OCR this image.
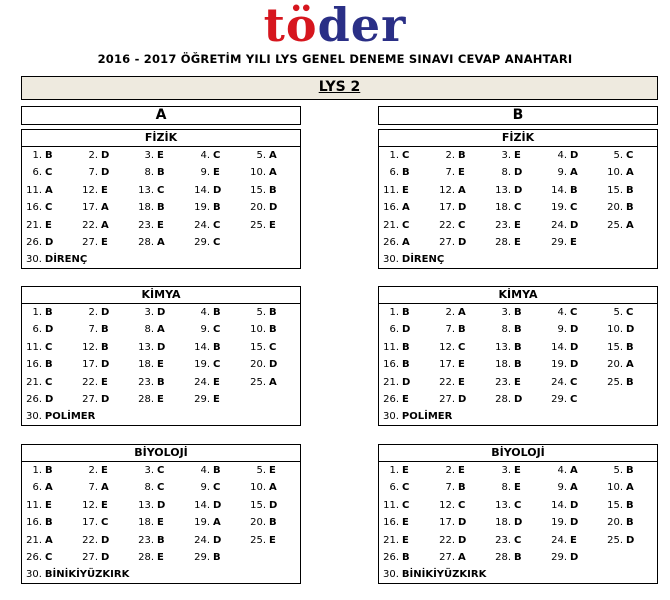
töder
2016 - 2017 ÖĞRETİM YILI LYS GENEL DENEME SINAVI CEVAP ANAHTARI
LYS 2
A	B
FİZİK
1. B	2. D	3. E	4. C	5. A
6. C	7. D	8. B	9. E	10. A
11. A	12. E	13. C	14. D	15. B
16. C	17. A	18. B	19. B	20. D
21. E	22. A	23. E	24. C	25. E
26. D	27. E	28. A	29. C
30. DİRENÇ
KİMYA
1. B	2. D	3. D	4. B	5. B
6. D	7. B	8. A	9. C	10. B
11. C	12. B	13. D	14. B	15. C
16. B	17. D	18. E	19. C	20. D
21. C	22. E	23. B	24. E	25. A
26. D	27. D	28. E	29. E
30. POLİMER
BİYOLOJİ
1. B	2. E	3. C	4. B	5. E
6. A	7. A	8. C	9. C	10. A
11. E	12. E	13. D	14. D	15. D
16. B	17. C	18. E	19. A	20. B
21. A	22. D	23. B	24. D	25. E
26. C	27. D	28. E	29. B
30. BİNİKİYÜZKIRK
FİZİK
1. C	2. B	3. E	4. D	5. C
6. B	7. E	8. D	9. A	10. A
11. E	12. A	13. D	14. B	15. B
16. A	17. D	18. C	19. C	20. B
21. C	22. C	23. E	24. D	25. A
26. A	27. D	28. E	29. E
30. DİRENÇ
KİMYA
1. B	2. A	3. B	4. C	5. C
6. D	7. B	8. B	9. D	10. D
11. B	12. C	13. B	14. D	15. B
16. B	17. E	18. B	19. D	20. A
21. D	22. E	23. E	24. C	25. B
26. E	27. D	28. D	29. C
30. POLİMER
BİYOLOJİ
1. E	2. E	3. E	4. A	5. B
6. C	7. B	8. E	9. A	10. A
11. C	12. C	13. C	14. D	15. B
16. E	17. D	18. D	19. D	20. B
21. E	22. D	23. C	24. E	25. D
26. B	27. A	28. B	29. D
30. BİNİKİYÜZKIRK
